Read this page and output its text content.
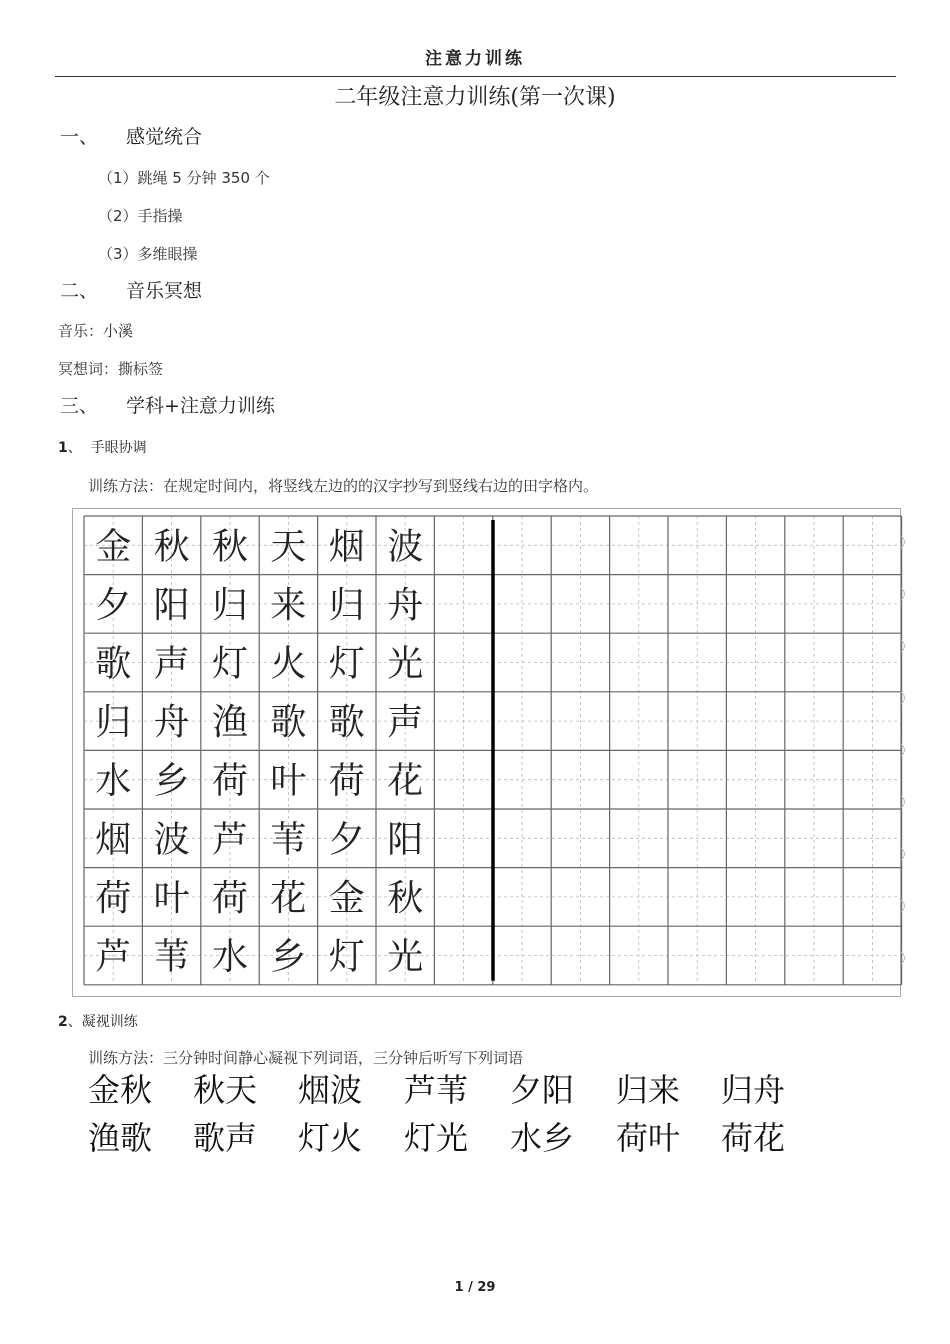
注意力训练
二年级注意力训练(第一次课)
一、 感觉统合
（1）跳绳 5 分钟 350 个
（2）手指操
（3）多维眼操
二、 音乐冥想
音乐：小溪
冥想词：撕标签
三、 学科+注意力训练
1、 手眼协调
训练方法：在规定时间内，将竖线左边的的汉字抄写到竖线右边的田字格内。
金 秋 秋 天 烟 波
夕 阳 归 来 归 舟
歌 声 灯 火 灯 光
归 舟 渔 歌 歌 声
水 乡 荷 叶 荷 花
烟 波 芦 苇 夕 阳
荷 叶 荷 花 金 秋
芦 苇 水 乡 灯 光
2、凝视训练
训练方法：三分钟时间静心凝视下列词语，三分钟后听写下列词语
金秋 秋天 烟波 芦苇 夕阳 归来 归舟
渔歌 歌声 灯火 灯光 水乡 荷叶 荷花
1 / 29
